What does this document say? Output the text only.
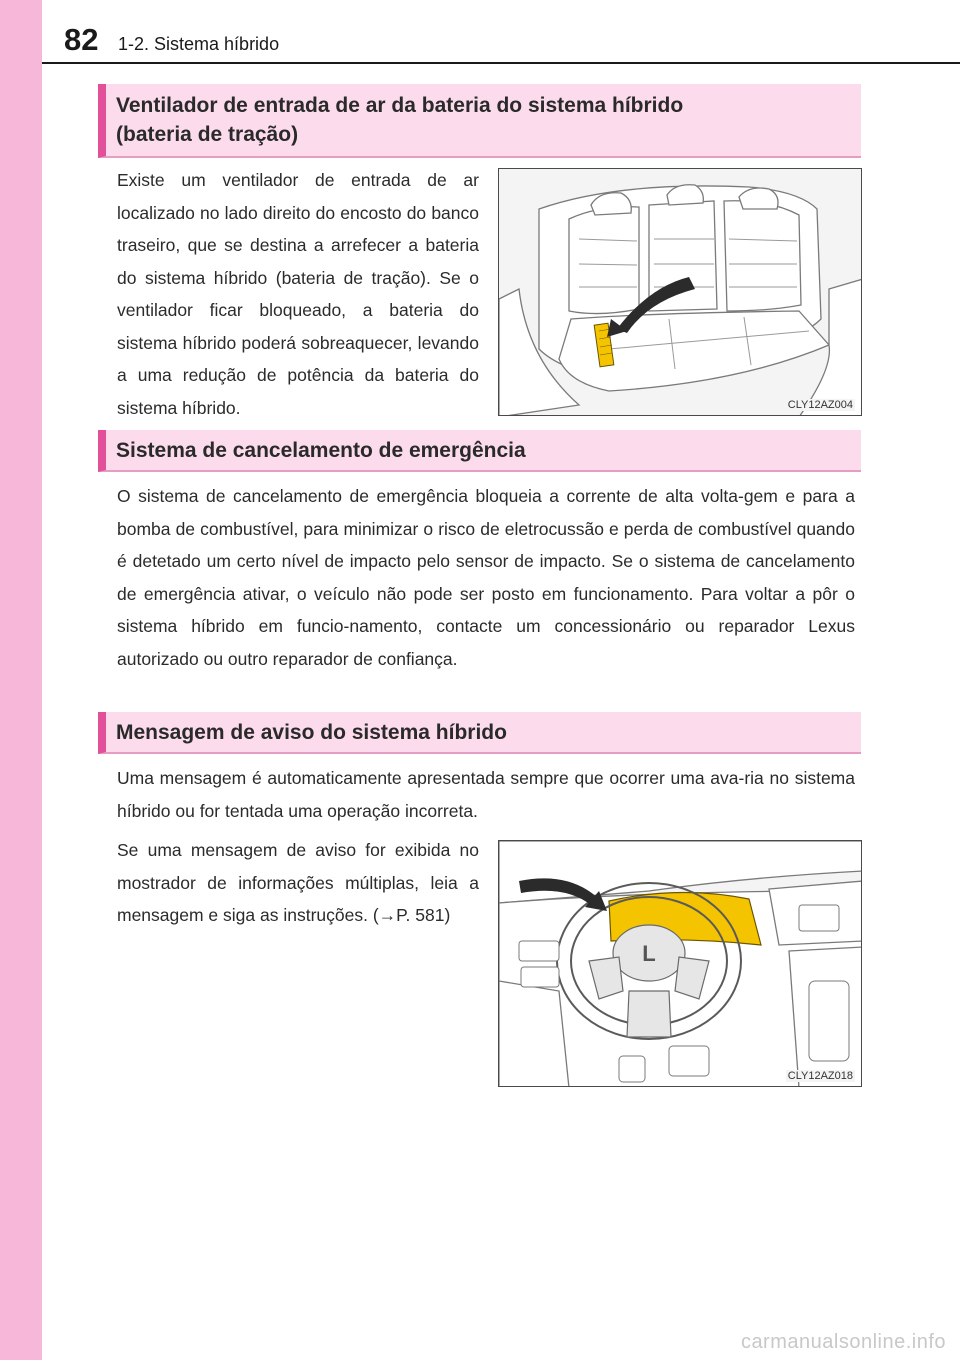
82 1-2. Sistema híbrido
Ventilador de entrada de ar da bateria do sistema híbrido
(bateria de tração)

Existe um ventilador de entrada de ar localizado no lado direito do encosto do banco traseiro, que se destina a arrefecer a bateria do sistema híbrido (bateria de tração). Se o ventilador ficar bloqueado, a bateria do sistema híbrido poderá sobreaquecer, levando a uma redução de potência da bateria do sistema híbrido.	CLY12AZ004
Sistema de cancelamento de emergência

O sistema de cancelamento de emergência bloqueia a corrente de alta volta-gem e para a bomba de combustível, para minimizar o risco de eletrocussão e perda de combustível quando é detetado um certo nível de impacto pelo sensor de impacto. Se o sistema de cancelamento de emergência ativar, o veículo não pode ser posto em funcionamento. Para voltar a pôr o sistema híbrido em funcio-namento, contacte um concessionário ou reparador Lexus autorizado ou outro reparador de confiança.

Mensagem de aviso do sistema híbrido

Uma mensagem é automaticamente apresentada sempre que ocorrer uma ava-ria no sistema híbrido ou for tentada uma operação incorreta.

Se uma mensagem de aviso for exibida no mostrador de informações múltiplas, leia a mensagem e siga as instruções. (→P. 581)

L
CLY12AZ018
carmanualsonline.info
